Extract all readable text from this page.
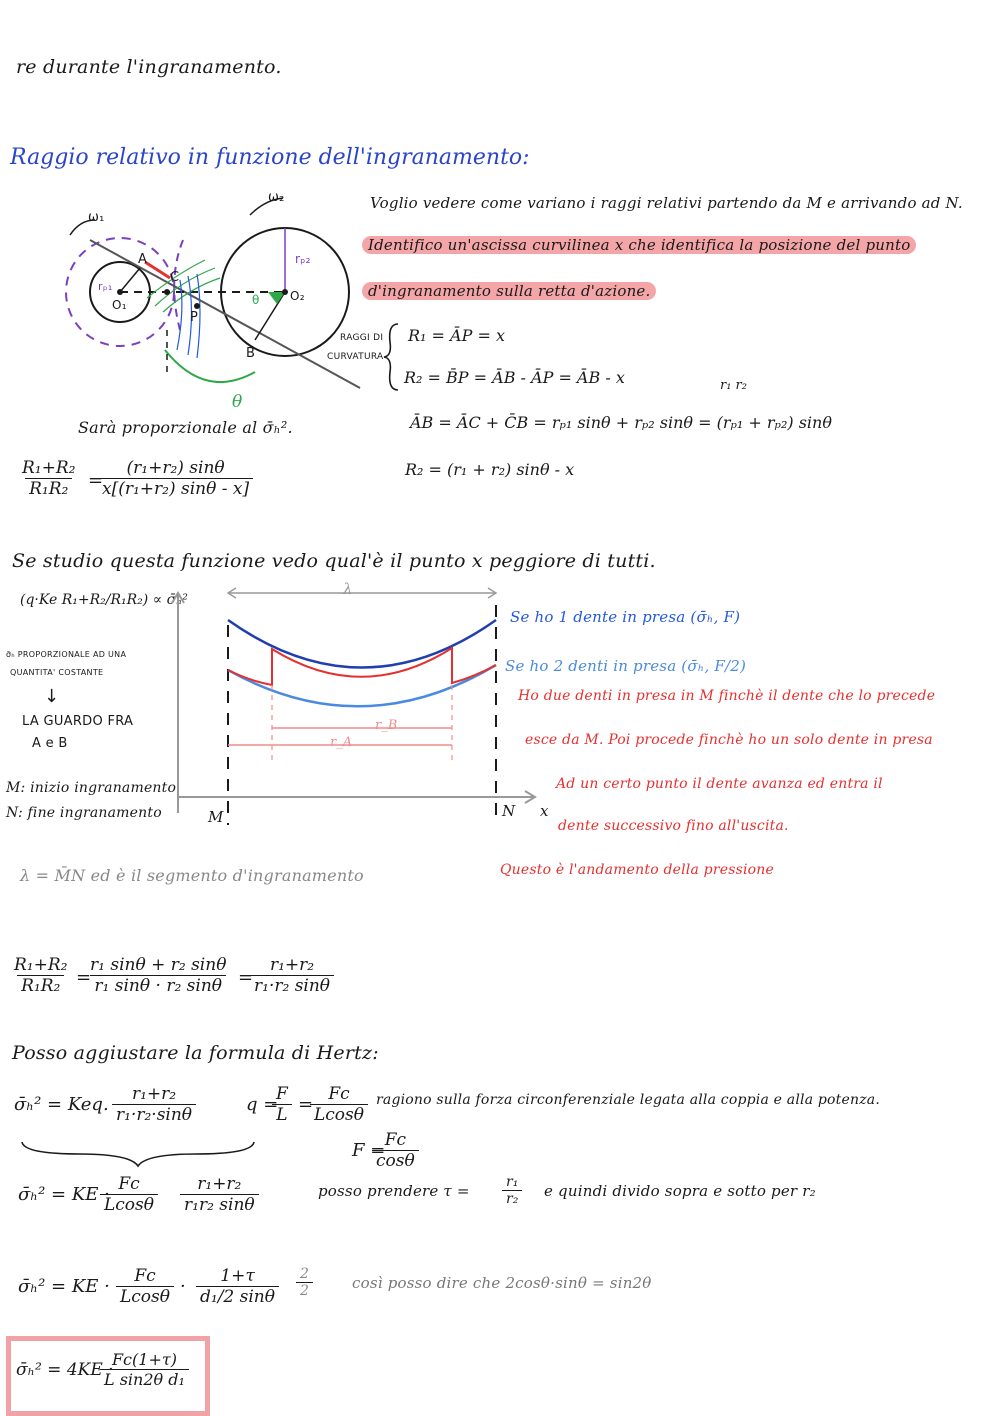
re durante l'ingranamento.
Raggio relativo in funzione dell'ingranamento:
ω₁
ω₂
rₚ₁
rₚ₂
O₁
O₂
A
C
P
B
θ
θ
Voglio vedere come variano i raggi relativi partendo da M e arrivando ad N.
Identifico un'ascissa curvilinea x che identifica la posizione del punto
d'ingranamento sulla retta d'azione.
RAGGI DI
CURVATURA
R₁ = ĀP = x
R₂ = B̄P = ĀB - ĀP = ĀB - x	r₁ r₂
ĀB = ĀC + C̄B = rₚ₁ sinθ + rₚ₂ sinθ = (rₚ₁ + rₚ₂) sinθ
R₂ = (r₁ + r₂) sinθ - x
Sarà proporzionale al σ̄ₕ².
$\frac{\text{R₁+R₂}}{\text{R₁R₂}}$ =
$\frac{\text{(r₁+r₂) sinθ}}{\text{x[(r₁+r₂) sinθ - x]}}$
Se studio questa funzione vedo qual'è il punto x peggiore di tutti.
(q·Ke R₁+R₂/R₁R₂) ∝ σ̄ₕ²
σ̄ₕ PROPORZIONALE AD UNA
QUANTITA' COSTANTE
↓
LA GUARDO FRA
A e B
M: inizio ingranamento
N: fine ingranamento
λ
r_B
r_A
M	N x
Se ho 1 dente in presa (σ̄ₕ, F)
Se ho 2 denti in presa (σ̄ₕ, F/2)
Ho due denti in presa in M finchè il dente che lo precede
esce da M. Poi procede finchè ho un solo dente in presa
Ad un certo punto il dente avanza ed entra il
dente successivo fino all'uscita.
Questo è l'andamento della pressione
λ = M̄N ed è il segmento d'ingranamento
$\frac{\text{R₁+R₂}}{\text{R₁R₂}}$ =
$\frac{\text{r₁ sinθ + r₂ sinθ}}{\text{r₁ sinθ · r₂ sinθ}}$ =
$\frac{\text{r₁+r₂}}{\text{r₁·r₂ sinθ}}$
Posso aggiustare la formula di Hertz:
σ̄ₕ² = Keq. $\frac{\text{r₁+r₂}}{\text{r₁·r₂·sinθ}}$	q =
$\frac{F}{L}$ =
$\frac{Fc}{Lcos\theta}$ ragiono sulla forza circonferenziale legata alla coppia e alla potenza.
F =
$\frac{Fc}{\cos\theta}$
σ̄ₕ² = KE ·
$\frac{Fc}{Lcos\theta} \frac{\text{r₁+r₂}}{\text{r₁r₂ sinθ}}$	posso prendere $\tau = \frac{\text{r₁}}{\text{r₂}}$ e quindi divido sopra e sotto per r₂
σ̄ₕ² = KE · $\frac{Fc}{Lcos\theta} \cdot \frac{1+\tau}{\text{d₁/2 sinθ}} \frac{2}{2}$	così posso dire che 2cosθ·sinθ = sin2θ
σ̄ₕ² = 4KE ·
$\frac{Fc(1+\tau)}{\text{L sin2θ d₁}}$
